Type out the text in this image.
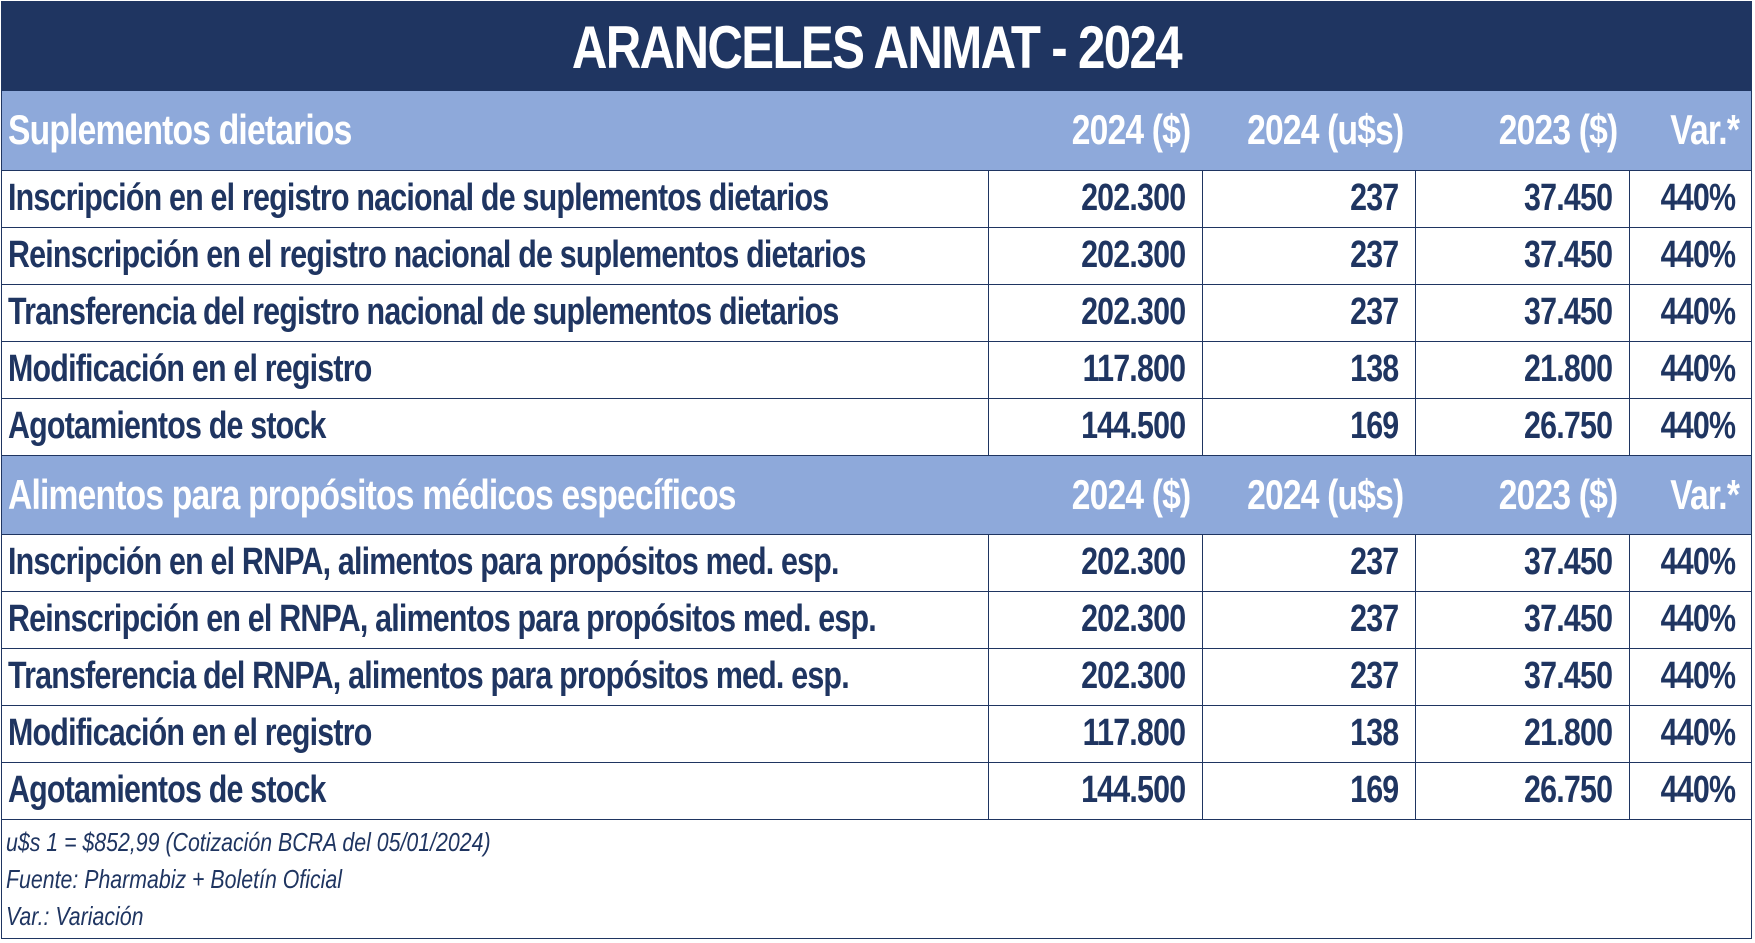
ARANCELES ANMAT - 2024
Suplementos dietarios	2024 ($)	2024 (u$s)	2023 ($)	Var.*
Inscripción en el registro nacional de suplementos dietarios	202.300	237	37.450	440%
Reinscripción en el registro nacional de suplementos dietarios	202.300	237	37.450	440%
Transferencia del registro nacional de suplementos dietarios	202.300	237	37.450	440%
Modificación en el registro	117.800	138	21.800	440%
Agotamientos de stock	144.500	169	26.750	440%
Alimentos para propósitos médicos específicos	2024 ($)	2024 (u$s)	2023 ($)	Var.*
Inscripción en el RNPA, alimentos para propósitos med. esp.	202.300	237	37.450	440%
Reinscripción en el RNPA, alimentos para propósitos med. esp.	202.300	237	37.450	440%
Transferencia del RNPA, alimentos para propósitos med. esp.	202.300	237	37.450	440%
Modificación en el registro	117.800	138	21.800	440%
Agotamientos de stock	144.500	169	26.750	440%
u$s 1 = $852,99 (Cotización BCRA del 05/01/2024)
Fuente: Pharmabiz + Boletín Oficial
Var.: Variación
